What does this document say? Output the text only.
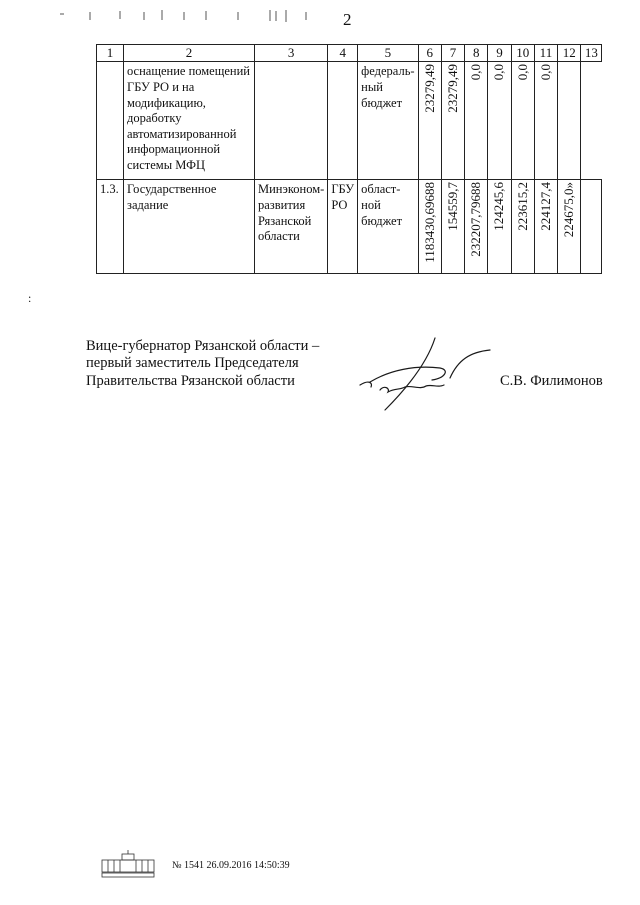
2
1	2	3	4	5	6	7	8	9	10	11	12	13
	оснащение помещений ГБУ РО и на модификацию, доработку автоматизированной информационной системы МФЦ			федераль-ный бюджет	23279,49	23279,49	0,0	0,0	0,0	0,0		

1.3.	Государственное задание	Минэконом-развития Рязанской области	ГБУ РО	област-ной бюджет	1183430,69688	154559,7	232207,79688	124245,6	223615,2	224127,4	224675,0»	

:
Вице-губернатор Рязанской области –
первый заместитель Председателя
Правительства Рязанской области	С.В. Филимонов
№ 1541 26.09.2016 14:50:39
